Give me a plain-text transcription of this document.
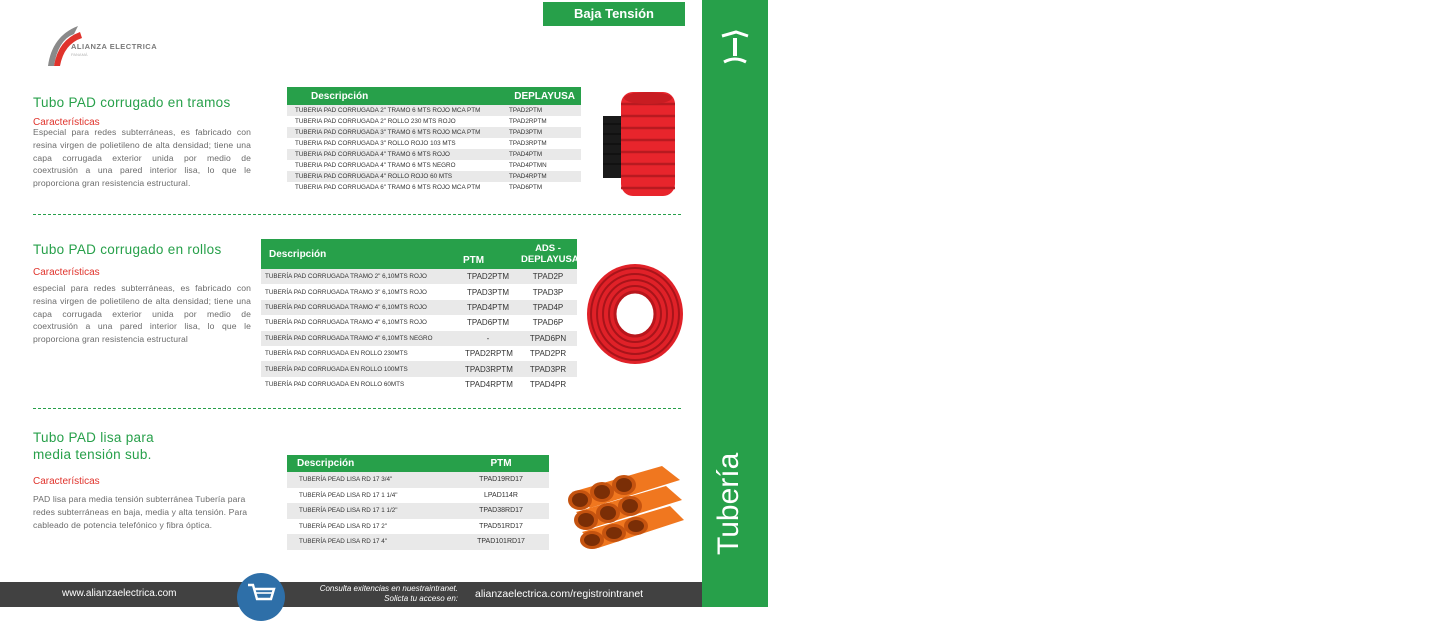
Baja Tensión
Tubería
57
ALIANZA ELECTRICA
PANAMÁ
Tubo PAD corrugado en tramos
Características
Especial para redes subterráneas, es fabricado con resina virgen de polietileno de alta densidad; tiene una capa corrugada exterior unida por medio de coextrusión a una pared interior lisa, lo que le proporciona gran resistencia estructural.
Descripción	DEPLAYUSA
TUBERIA PAD CORRUGADA 2" TRAMO 6 MTS ROJO MCA PTM	TPAD2PTM
TUBERIA PAD CORRUGADA 2" ROLLO 230 MTS ROJO	TPAD2RPTM
TUBERIA PAD CORRUGADA 3" TRAMO 6 MTS ROJO MCA PTM	TPAD3PTM
TUBERIA PAD CORRUGADA 3" ROLLO ROJO 103 MTS	TPAD3RPTM
TUBERIA PAD CORRUGADA 4" TRAMO 6 MTS ROJO	TPAD4PTM
TUBERIA PAD CORRUGADA 4" TRAMO 6 MTS NEGRO	TPAD4PTMN
TUBERIA PAD CORRUGADA 4" ROLLO ROJO 60 MTS	TPAD4RPTM
TUBERIA PAD CORRUGADA 6" TRAMO 6 MTS ROJO MCA PTM	TPAD6PTM
Tubo PAD corrugado en rollos
Características
especial para redes subterráneas, es fabricado con resina virgen de polietileno de alta densidad; tiene una capa corrugada exterior unida por medio de coextrusión a una pared interior lisa, lo que le proporciona gran resistencia estructural
Descripción	PTM	ADS - DEPLAYUSA
TUBERÍA PAD CORRUGADA TRAMO 2" 6,10MTS ROJO	TPAD2PTM	TPAD2P
TUBERÍA PAD CORRUGADA TRAMO 3" 6,10MTS ROJO	TPAD3PTM	TPAD3P
TUBERÍA PAD CORRUGADA TRAMO 4" 6,10MTS ROJO	TPAD4PTM	TPAD4P
TUBERÍA PAD CORRUGADA TRAMO 4" 6,10MTS ROJO	TPAD6PTM	TPAD6P
TUBERÍA PAD CORRUGADA TRAMO 4" 6,10MTS NEGRO	-	TPAD6PN
TUBERÍA PAD CORRUGADA EN ROLLO 230MTS	TPAD2RPTM	TPAD2PR
TUBERÍA PAD CORRUGADA EN ROLLO 100MTS	TPAD3RPTM	TPAD3PR
TUBERÍA PAD CORRUGADA EN ROLLO 60MTS	TPAD4RPTM	TPAD4PR
Tubo PAD lisa para
media tensión sub.
Características
PAD lisa para media tensión subterránea Tubería para redes subterráneas en baja, media y alta tensión. Para cableado de potencia telefónico y fibra óptica.
Descripción	PTM
TUBERÍA PEAD LISA RD 17 3/4"	TPAD19RD17
TUBERÍA PEAD LISA RD 17 1 1/4"	LPAD114R
TUBERÍA PEAD LISA RD 17 1 1/2"	TPAD38RD17
TUBERÍA PEAD LISA RD 17 2"	TPAD51RD17
TUBERÍA PEAD LISA RD 17 4"	TPAD101RD17
www.alianzaelectrica.com	Consulta exitencias en nuestraintranet.
Solicta tu acceso en: alianzaelectrica.com/registrointranet
